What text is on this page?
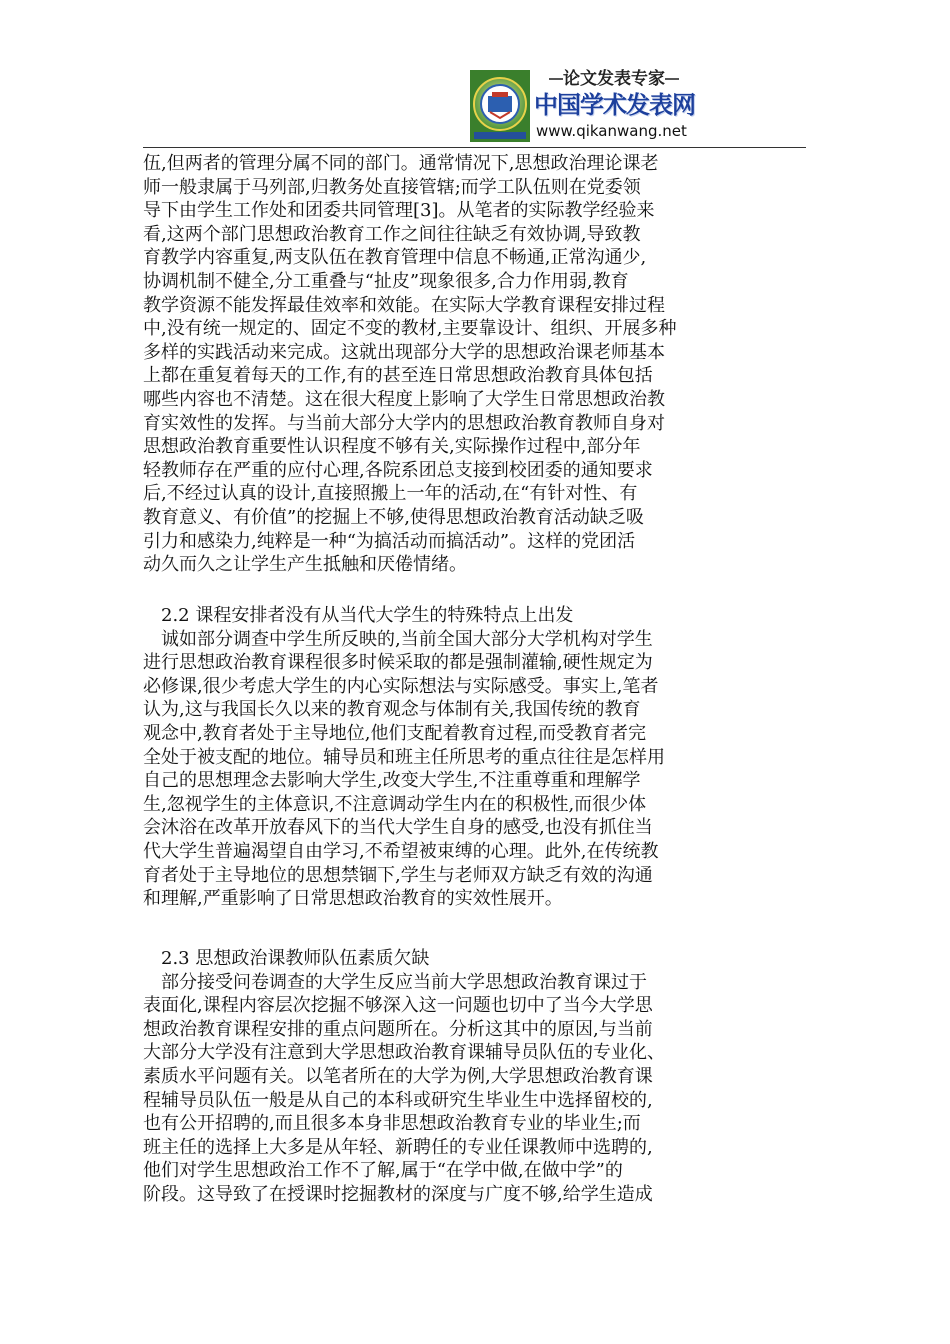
论文发表专家
中国学术发表网
www.qikanwang.net
伍,但两者的管理分属不同的部门。通常情况下,思想政治理论课老
师一般隶属于马列部,归教务处直接管辖;而学工队伍则在党委领
导下由学生工作处和团委共同管理[3]。从笔者的实际教学经验来
看,这两个部门思想政治教育工作之间往往缺乏有效协调,导致教
育教学内容重复,两支队伍在教育管理中信息不畅通,正常沟通少,
协调机制不健全,分工重叠与“扯皮”现象很多,合力作用弱,教育
教学资源不能发挥最佳效率和效能。在实际大学教育课程安排过程
中,没有统一规定的、固定不变的教材,主要靠设计、组织、开展多种
多样的实践活动来完成。这就出现部分大学的思想政治课老师基本
上都在重复着每天的工作,有的甚至连日常思想政治教育具体包括
哪些内容也不清楚。这在很大程度上影响了大学生日常思想政治教
育实效性的发挥。与当前大部分大学内的思想政治教育教师自身对
思想政治教育重要性认识程度不够有关,实际操作过程中,部分年
轻教师存在严重的应付心理,各院系团总支接到校团委的通知要求
后,不经过认真的设计,直接照搬上一年的活动,在“有针对性、有
教育意义、有价值”的挖掘上不够,使得思想政治教育活动缺乏吸
引力和感染力,纯粹是一种“为搞活动而搞活动”。这样的党团活
动久而久之让学生产生抵触和厌倦情绪。
　2.2 课程安排者没有从当代大学生的特殊特点上出发
　诚如部分调查中学生所反映的,当前全国大部分大学机构对学生
进行思想政治教育课程很多时候采取的都是强制灌输,硬性规定为
必修课,很少考虑大学生的内心实际想法与实际感受。事实上,笔者
认为,这与我国长久以来的教育观念与体制有关,我国传统的教育
观念中,教育者处于主导地位,他们支配着教育过程,而受教育者完
全处于被支配的地位。辅导员和班主任所思考的重点往往是怎样用
自己的思想理念去影响大学生,改变大学生,不注重尊重和理解学
生,忽视学生的主体意识,不注意调动学生内在的积极性,而很少体
会沐浴在改革开放春风下的当代大学生自身的感受,也没有抓住当
代大学生普遍渴望自由学习,不希望被束缚的心理。此外,在传统教
育者处于主导地位的思想禁锢下,学生与老师双方缺乏有效的沟通
和理解,严重影响了日常思想政治教育的实效性展开。
　2.3 思想政治课教师队伍素质欠缺
　部分接受问卷调查的大学生反应当前大学思想政治教育课过于
表面化,课程内容层次挖掘不够深入这一问题也切中了当今大学思
想政治教育课程安排的重点问题所在。分析这其中的原因,与当前
大部分大学没有注意到大学思想政治教育课辅导员队伍的专业化、
素质水平问题有关。以笔者所在的大学为例,大学思想政治教育课
程辅导员队伍一般是从自己的本科或研究生毕业生中选择留校的,
也有公开招聘的,而且很多本身非思想政治教育专业的毕业生;而
班主任的选择上大多是从年轻、新聘任的专业任课教师中选聘的,
他们对学生思想政治工作不了解,属于“在学中做,在做中学”的
阶段。这导致了在授课时挖掘教材的深度与广度不够,给学生造成
